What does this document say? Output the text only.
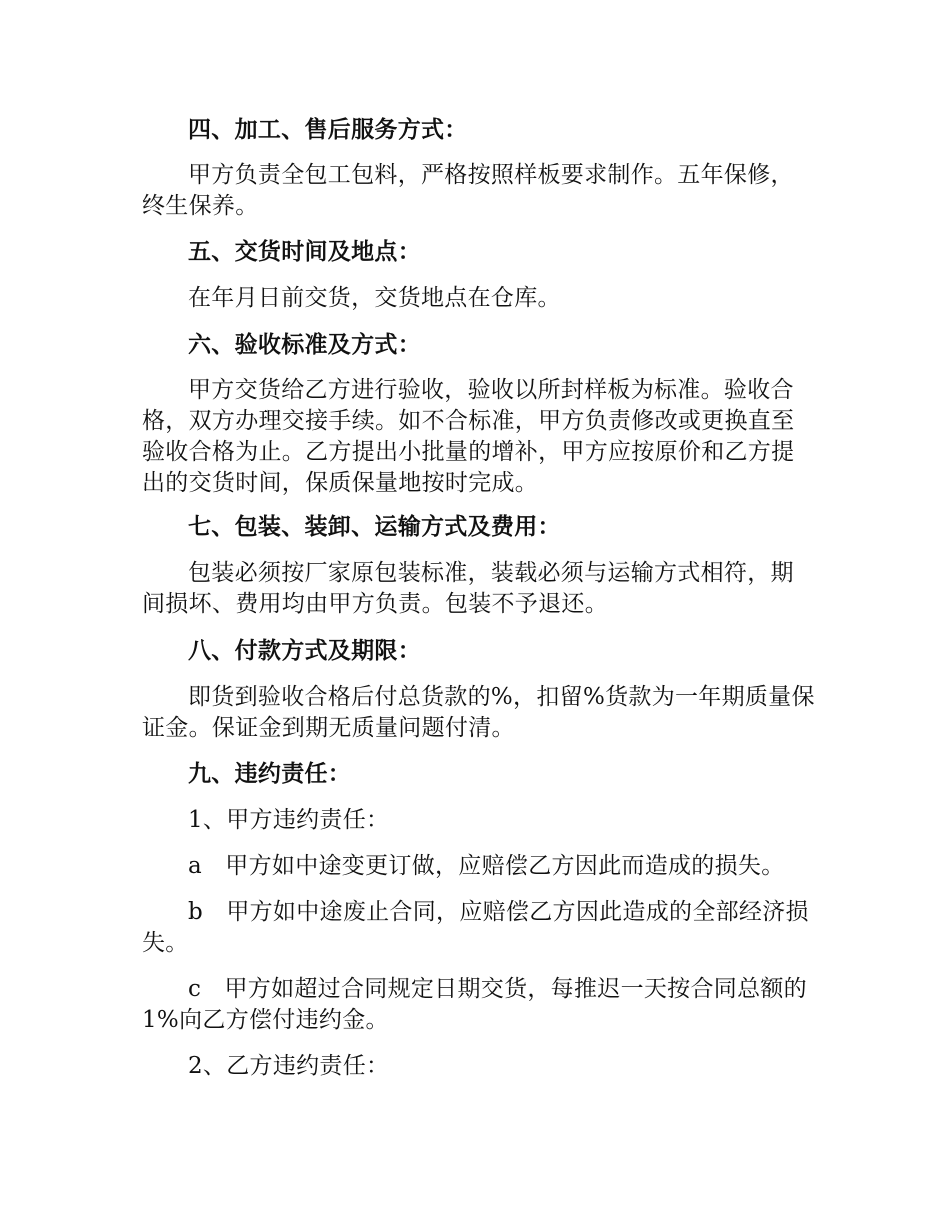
四、加工、售后服务方式：

甲方负责全包工包料，严格按照样板要求制作。五年保修，终生保养。

五、交货时间及地点：

在年月日前交货，交货地点在仓库。

六、验收标准及方式：

甲方交货给乙方进行验收，验收以所封样板为标准。验收合格，双方办理交接手续。如不合标准，甲方负责修改或更换直至验收合格为止。乙方提出小批量的增补，甲方应按原价和乙方提出的交货时间，保质保量地按时完成。

七、包装、装卸、运输方式及费用：

包装必须按厂家原包装标准，装载必须与运输方式相符，期间损坏、费用均由甲方负责。包装不予退还。

八、付款方式及期限：

即货到验收合格后付总货款的%，扣留%货款为一年期质量保证金。保证金到期无质量问题付清。

九、违约责任：

1、甲方违约责任：

a　甲方如中途变更订做，应赔偿乙方因此而造成的损失。

b　甲方如中途废止合同，应赔偿乙方因此造成的全部经济损失。

c　甲方如超过合同规定日期交货，每推迟一天按合同总额的1%向乙方偿付违约金。

2、乙方违约责任：
